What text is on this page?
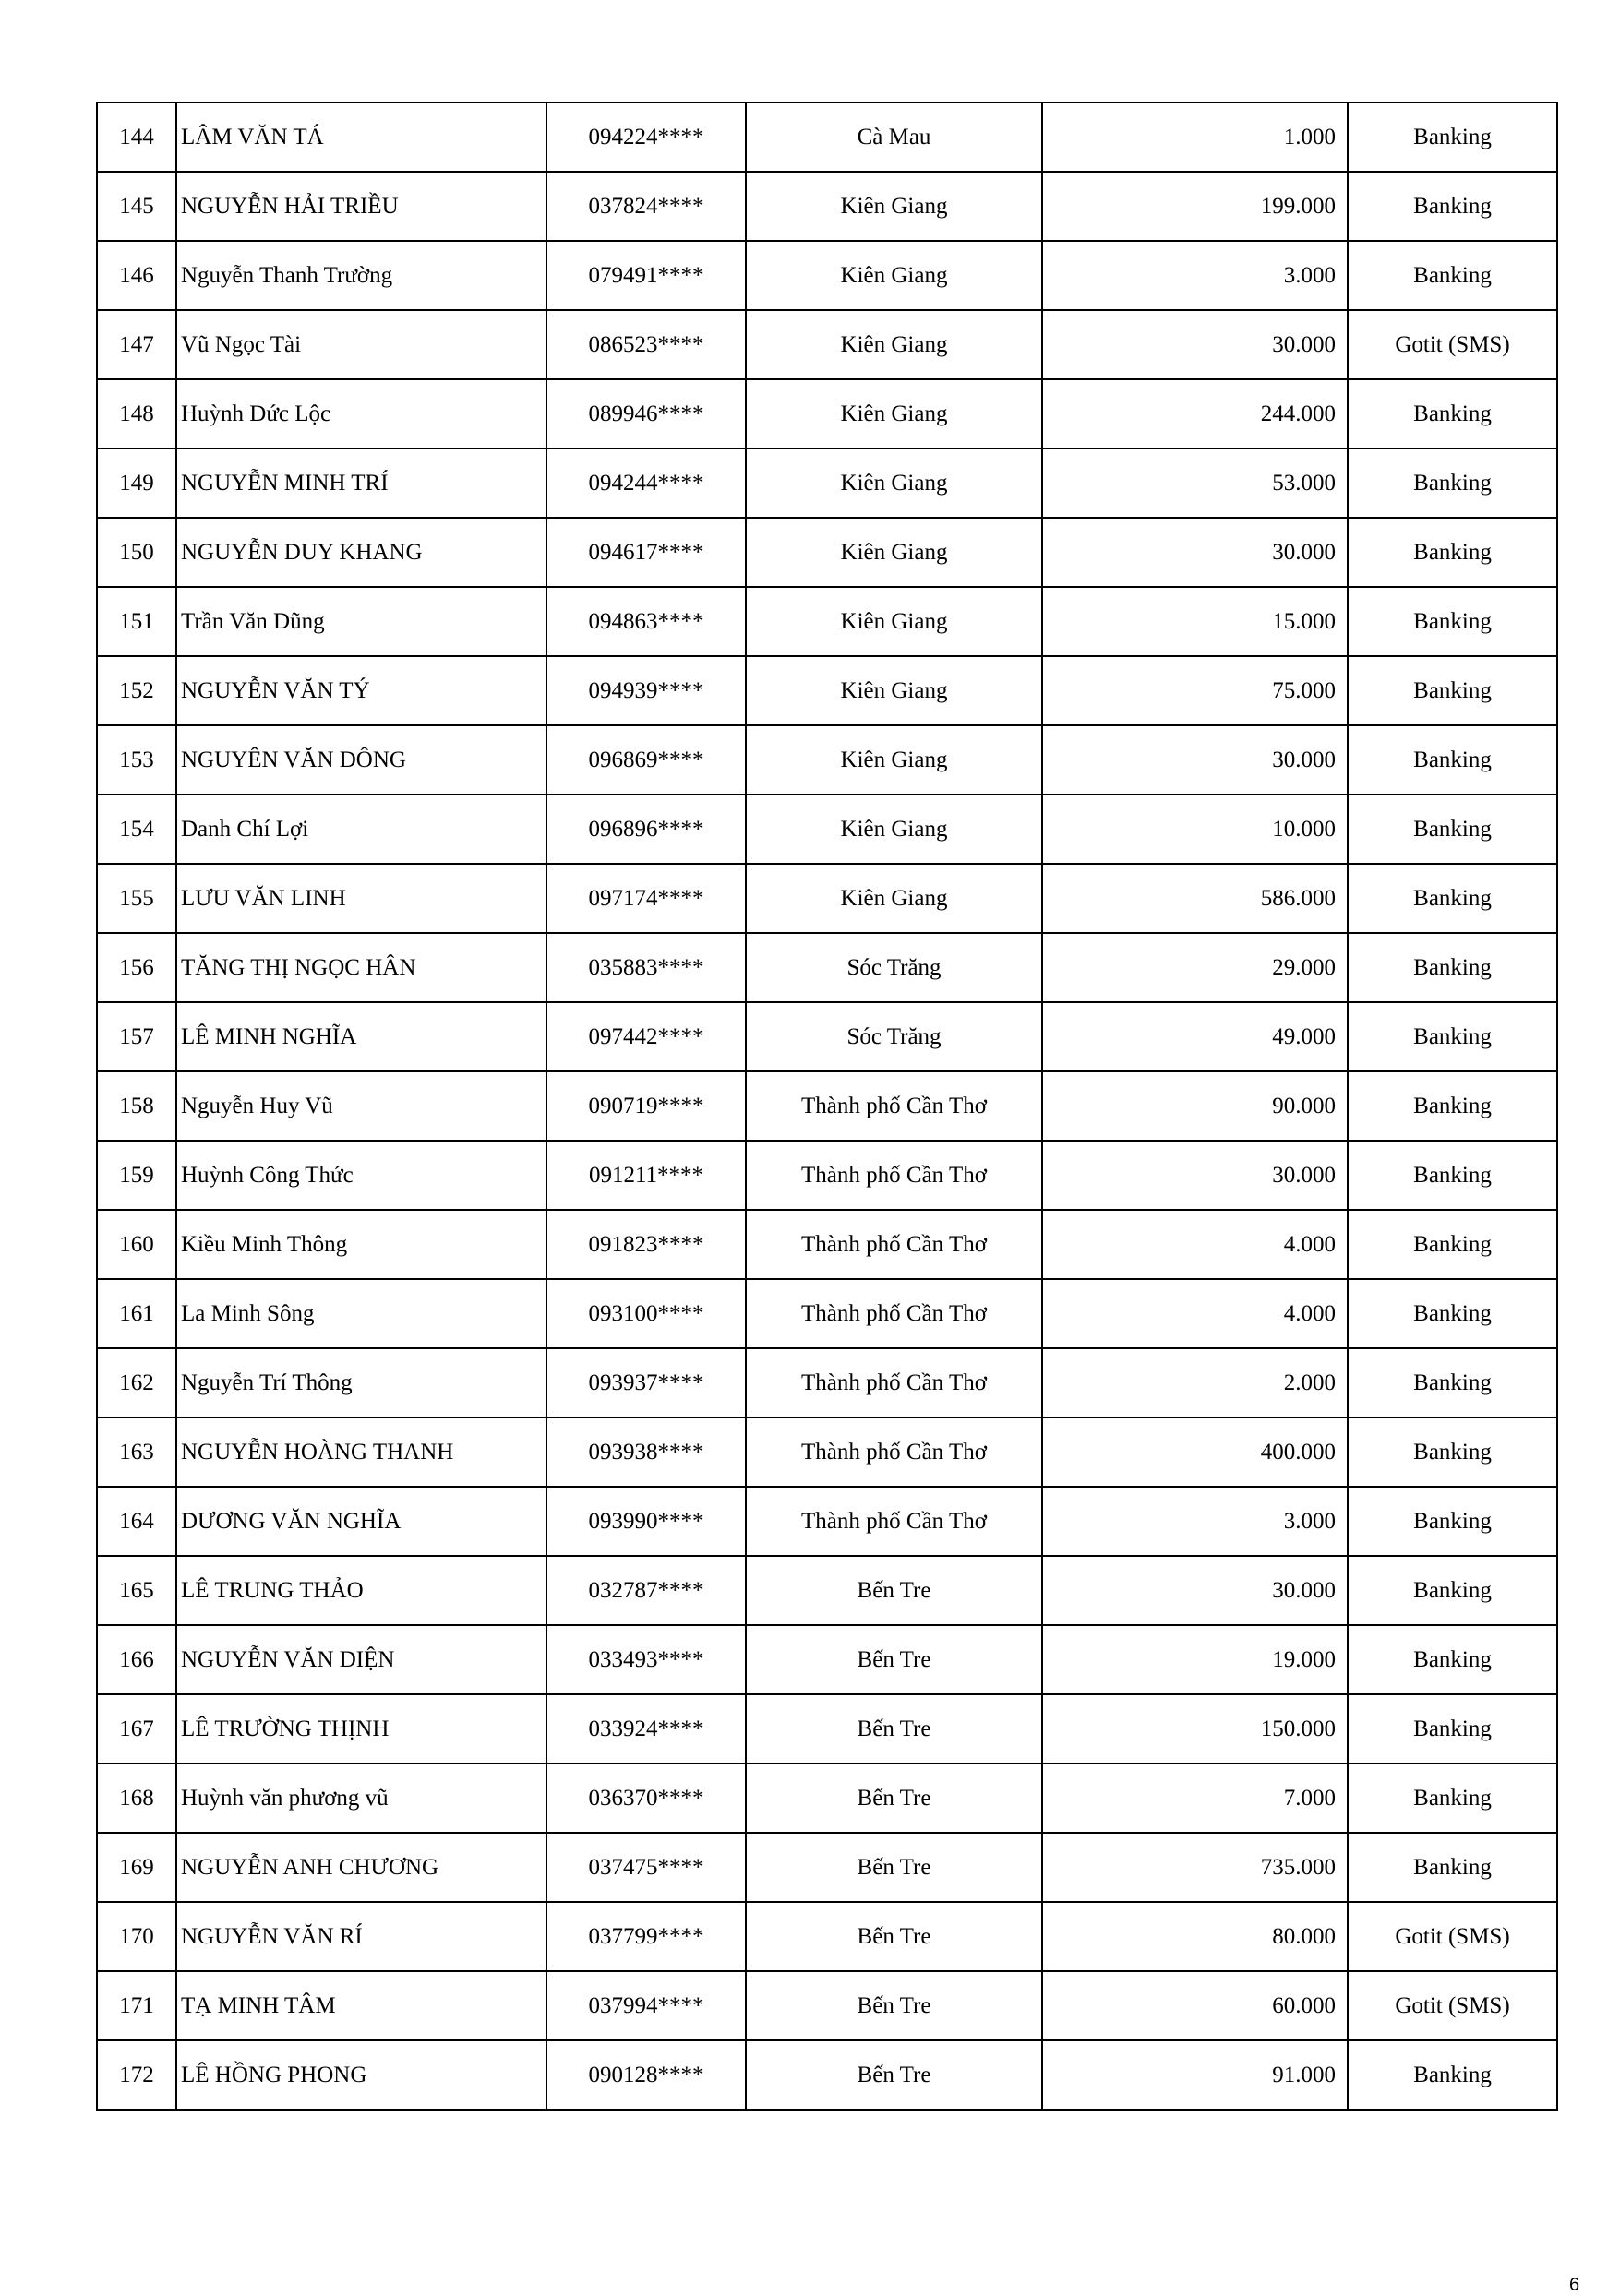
144	LÂM VĂN TÁ	094224****	Cà Mau	1.000	Banking
145	NGUYỄN HẢI TRIỀU	037824****	Kiên Giang	199.000	Banking
146	Nguyễn Thanh Trường	079491****	Kiên Giang	3.000	Banking
147	Vũ Ngọc Tài	086523****	Kiên Giang	30.000	Gotit (SMS)
148	Huỳnh Đức Lộc	089946****	Kiên Giang	244.000	Banking
149	NGUYỄN MINH TRÍ	094244****	Kiên Giang	53.000	Banking
150	NGUYỄN DUY KHANG	094617****	Kiên Giang	30.000	Banking
151	Trần Văn Dũng	094863****	Kiên Giang	15.000	Banking
152	NGUYỄN VĂN TÝ	094939****	Kiên Giang	75.000	Banking
153	NGUYÊN VĂN ĐÔNG	096869****	Kiên Giang	30.000	Banking
154	Danh Chí Lợi	096896****	Kiên Giang	10.000	Banking
155	LƯU VĂN LINH	097174****	Kiên Giang	586.000	Banking
156	TĂNG THỊ NGỌC HÂN	035883****	Sóc Trăng	29.000	Banking
157	LÊ MINH NGHĨA	097442****	Sóc Trăng	49.000	Banking
158	Nguyễn Huy Vũ	090719****	Thành phố Cần Thơ	90.000	Banking
159	Huỳnh Công Thức	091211****	Thành phố Cần Thơ	30.000	Banking
160	Kiều Minh Thông	091823****	Thành phố Cần Thơ	4.000	Banking
161	La Minh Sông	093100****	Thành phố Cần Thơ	4.000	Banking
162	Nguyễn Trí Thông	093937****	Thành phố Cần Thơ	2.000	Banking
163	NGUYỄN HOÀNG THANH	093938****	Thành phố Cần Thơ	400.000	Banking
164	DƯƠNG VĂN NGHĨA	093990****	Thành phố Cần Thơ	3.000	Banking
165	LÊ TRUNG THẢO	032787****	Bến Tre	30.000	Banking
166	NGUYỄN VĂN DIỆN	033493****	Bến Tre	19.000	Banking
167	LÊ TRƯỜNG THỊNH	033924****	Bến Tre	150.000	Banking
168	Huỳnh văn phương vũ	036370****	Bến Tre	7.000	Banking
169	NGUYỄN ANH CHƯƠNG	037475****	Bến Tre	735.000	Banking
170	NGUYỄN VĂN RÍ	037799****	Bến Tre	80.000	Gotit (SMS)
171	TẠ MINH TÂM	037994****	Bến Tre	60.000	Gotit (SMS)
172	LÊ HỒNG PHONG	090128****	Bến Tre	91.000	Banking
6
